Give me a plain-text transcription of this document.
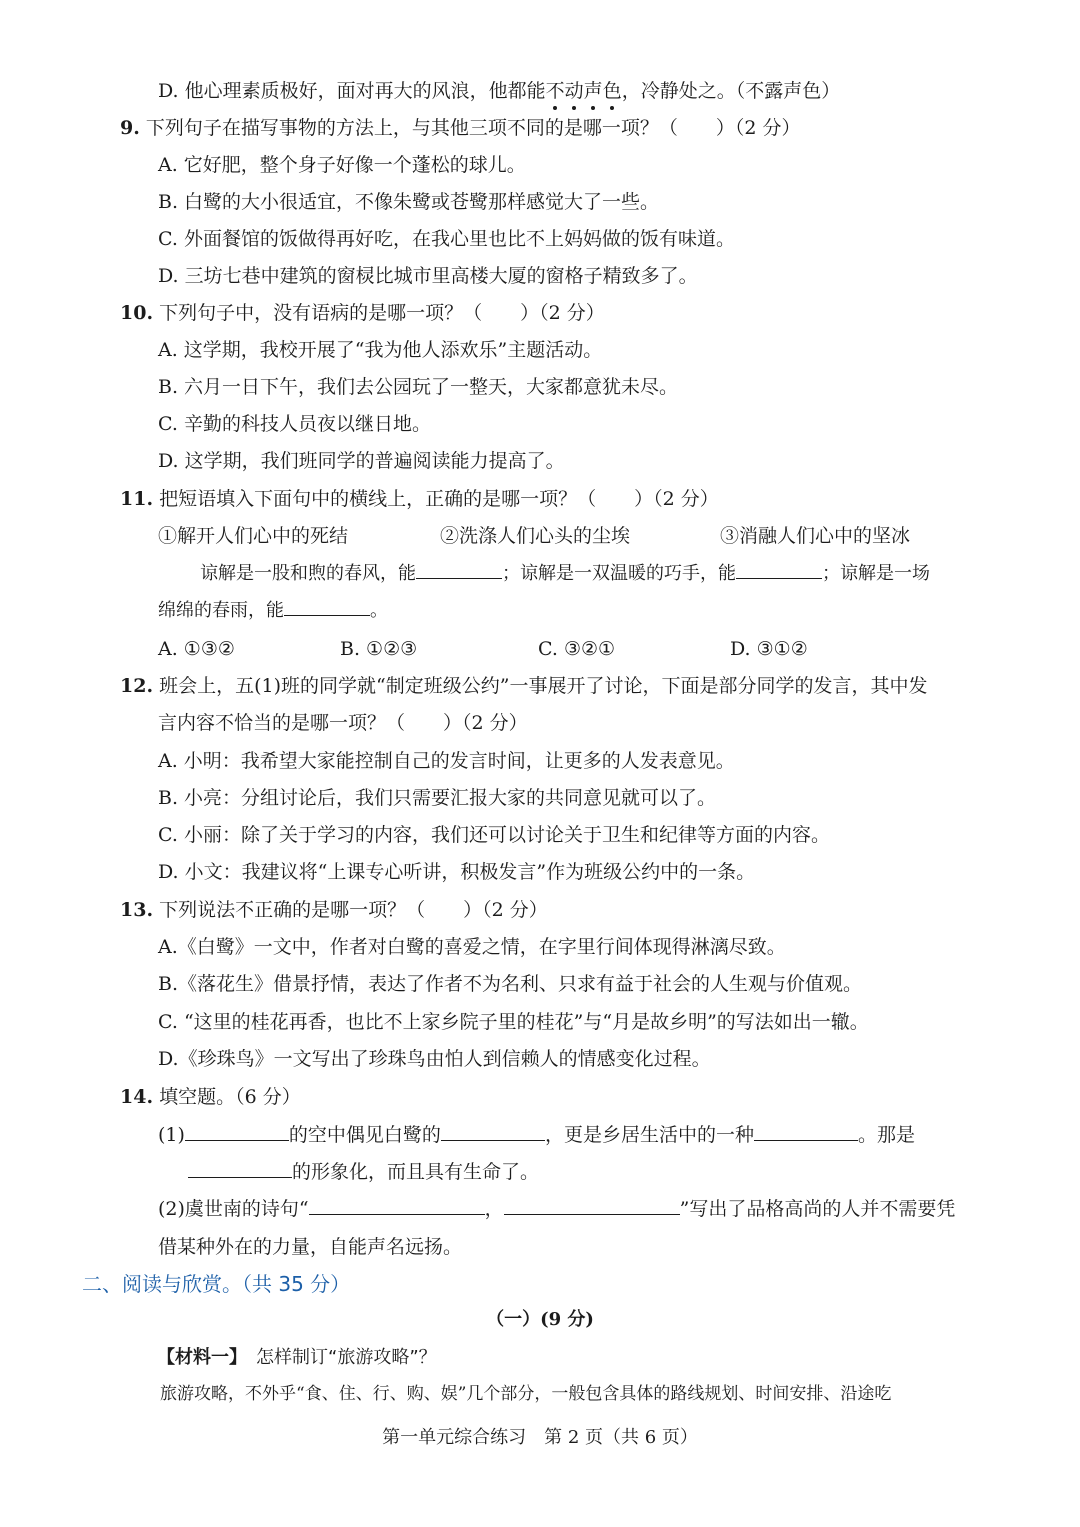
D. 他心理素质极好，面对再大的风浪，他都能不动声色，冷静处之。（不露声色）
9. 下列句子在描写事物的方法上，与其他三项不同的是哪一项？（　　）（2 分）
A. 它好肥，整个身子好像一个蓬松的球儿。
B. 白鹭的大小很适宜，不像朱鹭或苍鹭那样感觉大了一些。
C. 外面餐馆的饭做得再好吃，在我心里也比不上妈妈做的饭有味道。
D. 三坊七巷中建筑的窗棂比城市里高楼大厦的窗格子精致多了。
10. 下列句子中，没有语病的是哪一项？（　　）（2 分）
A. 这学期，我校开展了“我为他人添欢乐”主题活动。
B. 六月一日下午，我们去公园玩了一整天，大家都意犹未尽。
C. 辛勤的科技人员夜以继日地。
D. 这学期，我们班同学的普遍阅读能力提高了。
11. 把短语填入下面句中的横线上，正确的是哪一项？（　　）（2 分）
①解开人们心中的死结	②洗涤人们心头的尘埃	③消融人们心中的坚冰
谅解是一股和煦的春风，能	；谅解是一双温暖的巧手，能	；谅解是一场
绵绵的春雨，能	。
A. ①③②	B. ①②③	C. ③②①	D. ③①②
12. 班会上，五(1)班的同学就“制定班级公约”一事展开了讨论，下面是部分同学的发言，其中发
言内容不恰当的是哪一项？（　　）（2 分）
A. 小明：我希望大家能控制自己的发言时间，让更多的人发表意见。
B. 小亮：分组讨论后，我们只需要汇报大家的共同意见就可以了。
C. 小丽：除了关于学习的内容，我们还可以讨论关于卫生和纪律等方面的内容。
D. 小文：我建议将“上课专心听讲，积极发言”作为班级公约中的一条。
13. 下列说法不正确的是哪一项？（　　）（2 分）
A.《白鹭》一文中，作者对白鹭的喜爱之情，在字里行间体现得淋漓尽致。
B.《落花生》借景抒情，表达了作者不为名利、只求有益于社会的人生观与价值观。
C. “这里的桂花再香，也比不上家乡院子里的桂花”与“月是故乡明”的写法如出一辙。
D.《珍珠鸟》一文写出了珍珠鸟由怕人到信赖人的情感变化过程。
14. 填空题。（6 分）
(1)	的空中偶见白鹭的	，更是乡居生活中的一种	。那是
的形象化，而且具有生命了。
(2)虞世南的诗句“	，	”写出了品格高尚的人并不需要凭
借某种外在的力量，自能声名远扬。
二、阅读与欣赏。（共 35 分）
（一）(9 分)
【材料一】  怎样制订“旅游攻略”？
旅游攻略，不外乎“食、住、行、购、娱”几个部分，一般包含具体的路线规划、时间安排、沿途吃
第一单元综合练习　 第 2 页（共 6 页）
